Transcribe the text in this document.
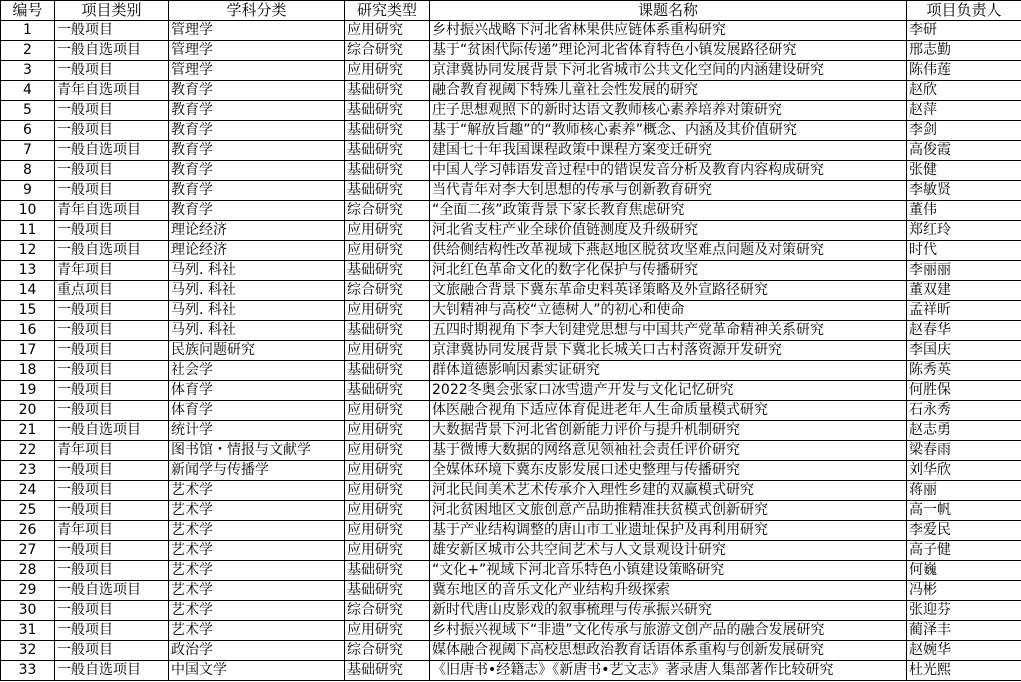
编号	项目类别	学科分类	研究类型	课题名称	项目负责人
1	一般项目	管理学	应用研究	乡村振兴战略下河北省林果供应链体系重构研究	李研
2	一般自选项目	管理学	综合研究	基于“贫困代际传递”理论河北省体育特色小镇发展路径研究	邢志勤
3	一般项目	管理学	应用研究	京津冀协同发展背景下河北省城市公共文化空间的内涵建设研究	陈伟莲
4	青年自选项目	教育学	基础研究	融合教育视阈下特殊儿童社会性发展的研究	赵欣
5	一般项目	教育学	基础研究	庄子思想观照下的新时达语文教师核心素养培养对策研究	赵萍
6	一般项目	教育学	基础研究	基于“解放旨趣”的“教师核心素养”概念、内涵及其价值研究	李剑
7	一般自选项目	教育学	基础研究	建国七十年我国课程政策中课程方案变迁研究	高俊霞
8	一般项目	教育学	基础研究	中国人学习韩语发音过程中的错误发音分析及教育内容构成研究	张健
9	一般项目	教育学	基础研究	当代青年对李大钊思想的传承与创新教育研究	李敏贤
10	青年自选项目	教育学	综合研究	“全面二孩”政策背景下家长教育焦虑研究	董伟
11	一般项目	理论经济	应用研究	河北省支柱产业全球价值链测度及升级研究	郑红玲
12	一般自选项目	理论经济	应用研究	供给侧结构性改革视域下燕赵地区脱贫攻坚难点问题及对策研究	时代
13	青年项目	马列. 科社	基础研究	河北红色革命文化的数字化保护与传播研究	李丽丽
14	重点项目	马列. 科社	综合研究	文旅融合背景下冀东革命史料英译策略及外宣路径研究	董双建
15	一般项目	马列. 科社	应用研究	大钊精神与高校“立德树人”的初心和使命	孟祥昕
16	一般项目	马列. 科社	基础研究	五四时期视角下李大钊建党思想与中国共产党革命精神关系研究	赵春华
17	一般项目	民族问题研究	应用研究	京津冀协同发展背景下冀北长城关口古村落资源开发研究	李国庆
18	一般项目	社会学	基础研究	群体道德影响因素实证研究	陈秀英
19	一般项目	体育学	基础研究	2022冬奥会张家口冰雪遗产开发与文化记忆研究	何胜保
20	一般项目	体育学	应用研究	体医融合视角下适应体育促进老年人生命质量模式研究	石永秀
21	一般自选项目	统计学	应用研究	大数据背景下河北省创新能力评价与提升机制研究	赵志勇
22	青年项目	图书馆・情报与文献学	应用研究	基于微博大数据的网络意见领袖社会责任评价研究	梁春雨
23	一般项目	新闻学与传播学	应用研究	全媒体环境下冀东皮影发展口述史整理与传播研究	刘华欣
24	一般项目	艺术学	应用研究	河北民间美术艺术传承介入理性乡建的双赢模式研究	蒋丽
25	一般项目	艺术学	应用研究	河北贫困地区文旅创意产品助推精准扶贫模式创新研究	高一帆
26	青年项目	艺术学	应用研究	基于产业结构调整的唐山市工业遗址保护及再利用研究	李爱民
27	一般项目	艺术学	应用研究	雄安新区城市公共空间艺术与人文景观设计研究	高子健
28	一般项目	艺术学	基础研究	“文化+”视域下河北音乐特色小镇建设策略研究	何巍
29	一般自选项目	艺术学	基础研究	冀东地区的音乐文化产业结构升级探索	冯彬
30	一般项目	艺术学	综合研究	新时代唐山皮影戏的叙事梳理与传承振兴研究	张迎芬
31	一般项目	艺术学	应用研究	乡村振兴视域下“非遗”文化传承与旅游文创产品的融合发展研究	蔺泽丰
32	一般项目	政治学	综合研究	媒体融合视阈下高校思想政治教育话语体系重构与创新发展研究	赵婉华
33	一般自选项目	中国文学	基础研究	《旧唐书•经籍志》《新唐书•艺文志》著录唐人集部著作比较研究	杜光熙
